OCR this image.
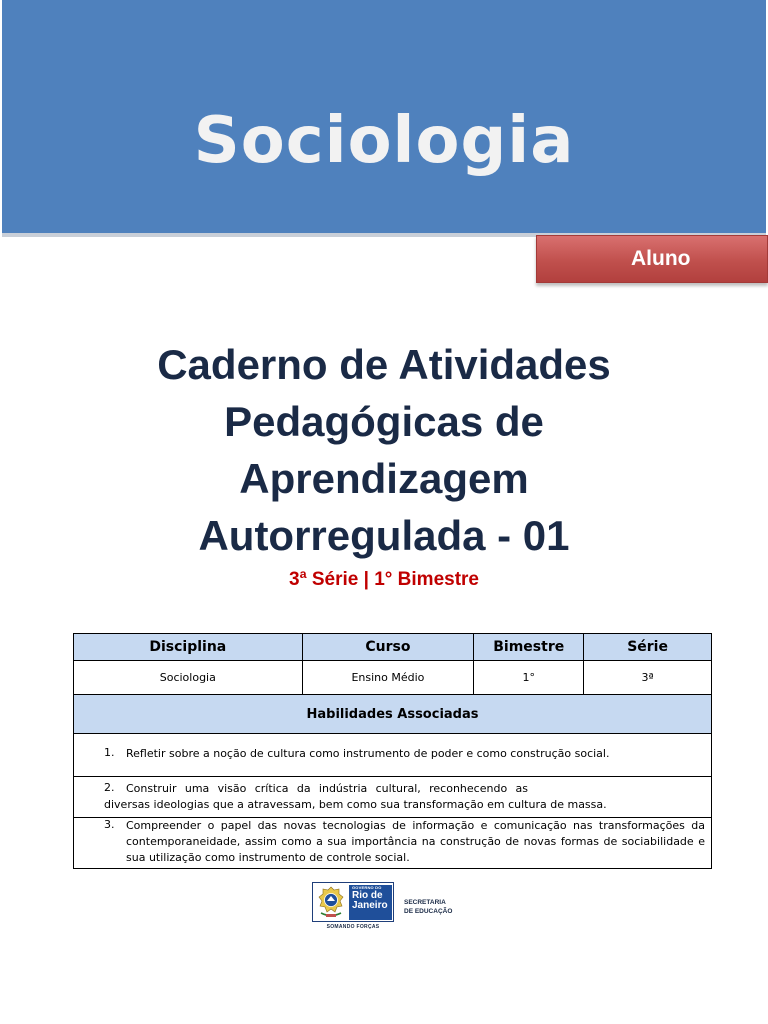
Sociologia
Aluno
Caderno de Atividades
Pedagógicas de
Aprendizagem
Autorregulada - 01
3ª Série | 1° Bimestre
Disciplina	Curso	Bimestre	Série
Sociologia	Ensino Médio	1°	3ª
Habilidades Associadas			

1. Refletir sobre a noção de cultura como instrumento de poder e como construção social.			

2. Construir uma visão crítica da indústria cultural, reconhecendo as
diversas ideologias que a atravessam, bem como sua transformação em cultura de massa.			

3. Compreender o papel das novas tecnologias de informação e comunicação nas transformações da contemporaneidade, assim como a sua importância na construção de novas formas de sociabilidade e sua utilização como instrumento de controle social.			
GOVERNO DO
Rio de
Janeiro
SOMANDO FORÇAS
SECRETARIA
DE EDUCAÇÃO
